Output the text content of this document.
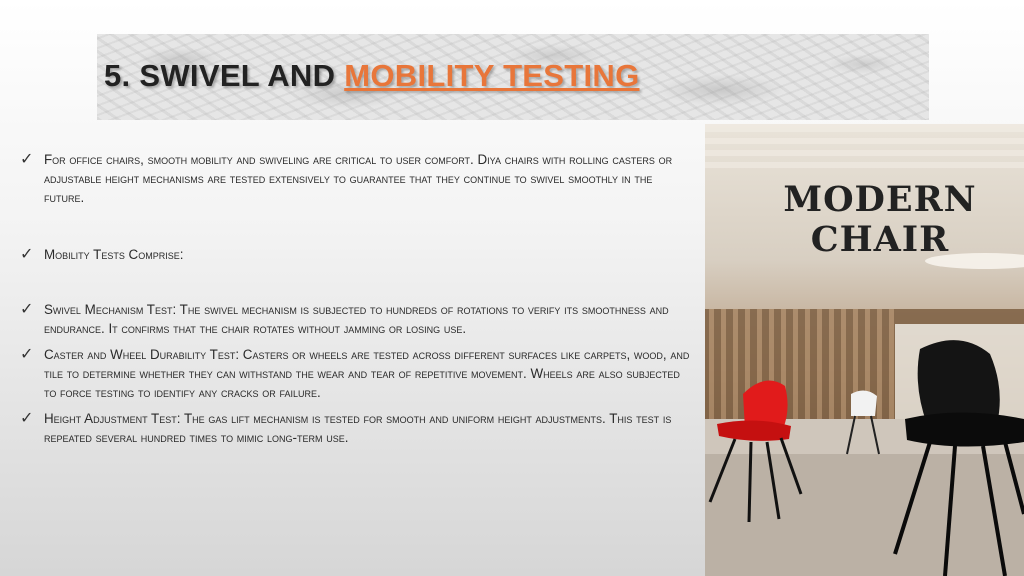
5. SWIVEL AND MOBILITY TESTING
✓ For office chairs, smooth mobility and swiveling are critical to user comfort. Diya chairs with rolling casters or adjustable height mechanisms are tested extensively to guarantee that they continue to swivel smoothly in the future.
✓ Mobility Tests Comprise:
✓ Swivel Mechanism Test: The swivel mechanism is subjected to hundreds of rotations to verify its smoothness and endurance. It confirms that the chair rotates without jamming or losing use.
✓ Caster and Wheel Durability Test: Casters or wheels are tested across different surfaces like carpets, wood, and tile to determine whether they can withstand the wear and tear of repetitive movement. Wheels are also subjected to force testing to identify any cracks or failure.
✓ Height Adjustment Test: The gas lift mechanism is tested for smooth and uniform height adjustments. This test is repeated several hundred times to mimic long-term use.

MODERN
CHAIR
